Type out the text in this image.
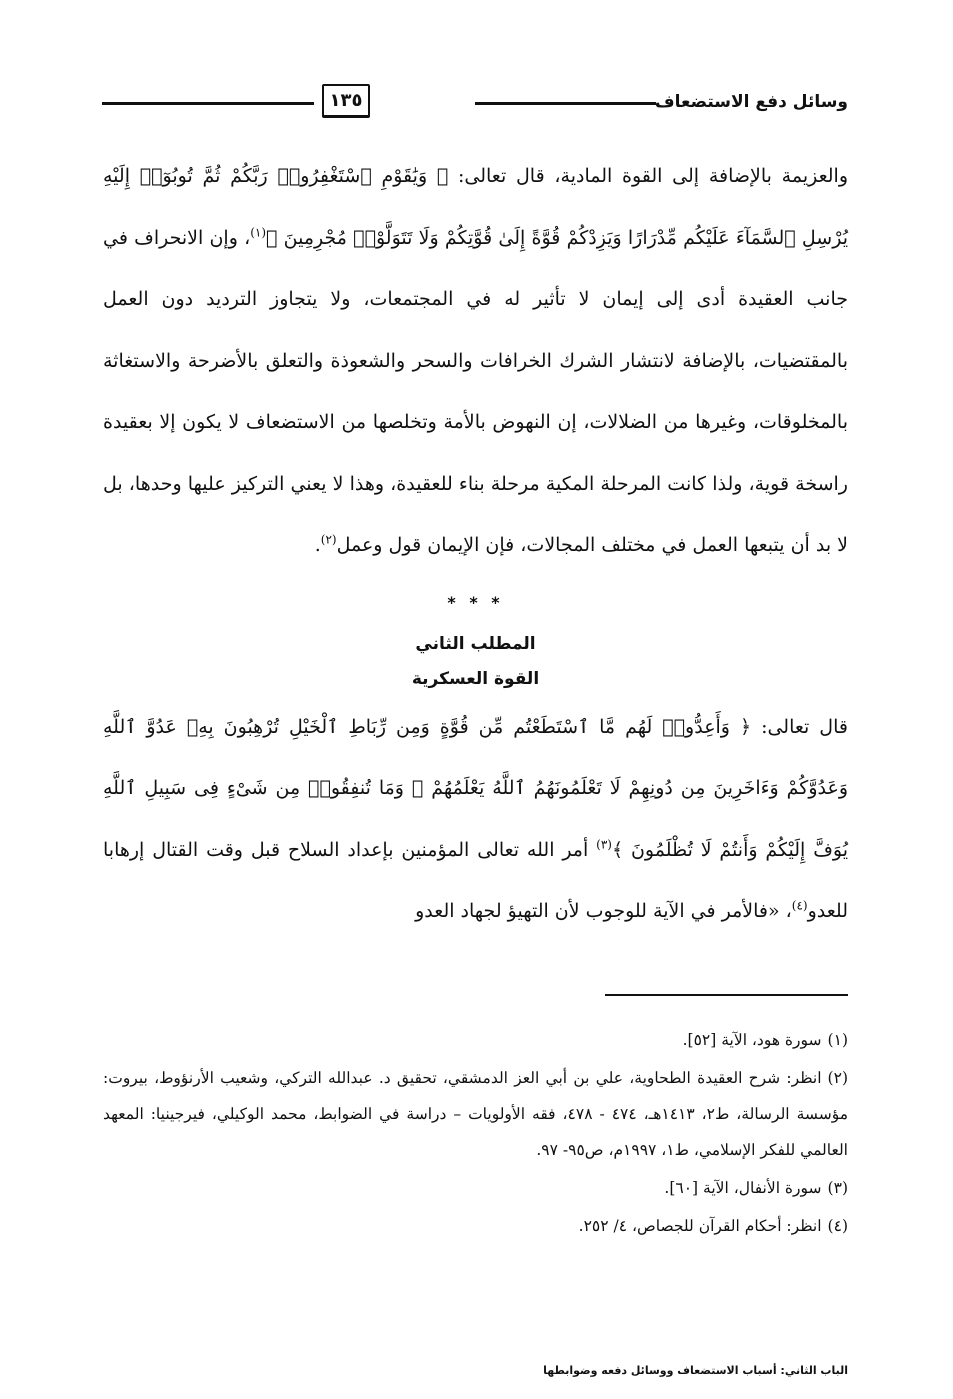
وسائل دفع الاستضعاف
١٣٥

والعزيمة بالإضافة إلى القوة المادية، قال تعالى: ﴿ وَيَٰقَوْمِ ٱسْتَغْفِرُوا۟ رَبَّكُمْ ثُمَّ تُوبُوٓا۟ إِلَيْهِ يُرْسِلِ ٱلسَّمَآءَ عَلَيْكُم مِّدْرَارًا وَيَزِدْكُمْ قُوَّةً إِلَىٰ قُوَّتِكُمْ وَلَا تَتَوَلَّوْا۟ مُجْرِمِينَ ﴾$^{(١)}$، وإن الانحراف في جانب العقيدة أدى إلى إيمان لا تأثير له في المجتمعات، ولا يتجاوز الترديد دون العمل بالمقتضيات، بالإضافة لانتشار الشرك الخرافات والسحر والشعوذة والتعلق بالأضرحة والاستغاثة بالمخلوقات، وغيرها من الضلالات، إن النهوض بالأمة وتخلصها من الاستضعاف لا يكون إلا بعقيدة راسخة قوية، ولذا كانت المرحلة المكية مرحلة بناء للعقيدة، وهذا لا يعني التركيز عليها وحدها، بل لا بد أن يتبعها العمل في مختلف المجالات، فإن الإيمان قول وعمل$^{(٢)}$.

* * *
المطلب الثاني
القوة العسكرية

قال تعالى: ﴿ وَأَعِدُّوا۟ لَهُم مَّا ٱسْتَطَعْتُم مِّن قُوَّةٍ وَمِن رِّبَاطِ ٱلْخَيْلِ تُرْهِبُونَ بِهِۦ عَدُوَّ ٱللَّهِ وَعَدُوَّكُمْ وَءَاخَرِينَ مِن دُونِهِمْ لَا تَعْلَمُونَهُمُ ٱللَّهُ يَعْلَمُهُمْ ۚ وَمَا تُنفِقُوا۟ مِن شَىْءٍ فِى سَبِيلِ ٱللَّهِ يُوَفَّ إِلَيْكُمْ وَأَنتُمْ لَا تُظْلَمُونَ ﴾$^{(٣)}$ أمر الله تعالى المؤمنين بإعداد السلاح قبل وقت القتال إرهابا للعدو$^{(٤)}$، «فالأمر في الآية للوجوب لأن التهيؤ لجهاد العدو

(١)سورة هود، الآية [٥٢].

(٢)انظر: شرح العقيدة الطحاوية، علي بن أبي العز الدمشقي، تحقيق د. عبدالله التركي، وشعيب الأرنؤوط، بيروت: مؤسسة الرسالة، ط٢، ١٤١٣هـ، ٤٧٤ - ٤٧٨، فقه الأولويات – دراسة في الضوابط، محمد الوكيلي، فيرجينيا: المعهد العالمي للفكر الإسلامي، ط١، ١٩٩٧م، ص٩٥- ٩٧.

(٣)سورة الأنفال، الآية [٦٠].

(٤)انظر: أحكام القرآن للجصاص، ٤/ ٢٥٢.

الباب الثاني: أسباب الاستضعاف ووسائل دفعه وضوابطها
